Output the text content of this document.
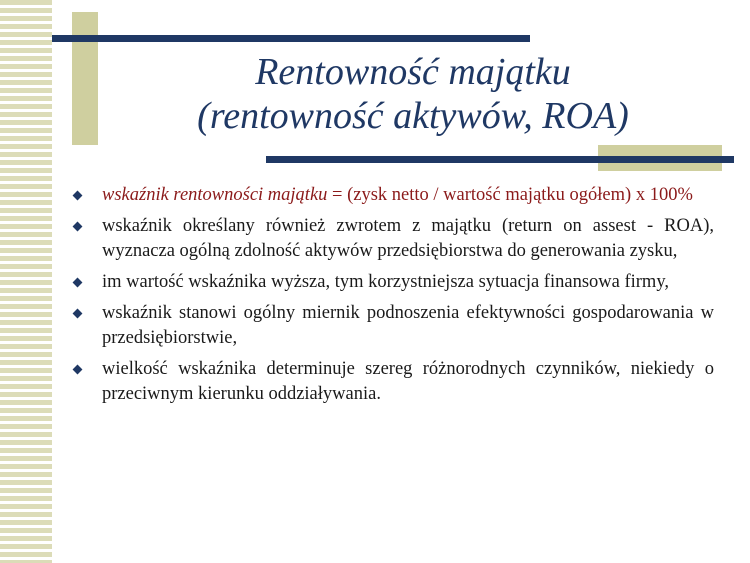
Rentowność majątku
(rentowność aktywów, ROA)
wskaźnik rentowności majątku = (zysk netto / wartość majątku ogółem) x 100%
wskaźnik określany również zwrotem z majątku (return on assest - ROA), wyznacza ogólną zdolność aktywów przedsiębiorstwa do generowania zysku,
im wartość wskaźnika wyższa, tym korzystniejsza sytuacja finansowa firmy,
wskaźnik stanowi ogólny miernik podnoszenia efektywności gospodarowania w przedsiębiorstwie,
wielkość wskaźnika determinuje szereg różnorodnych czynników, niekiedy o przeciwnym kierunku oddziaływania.
